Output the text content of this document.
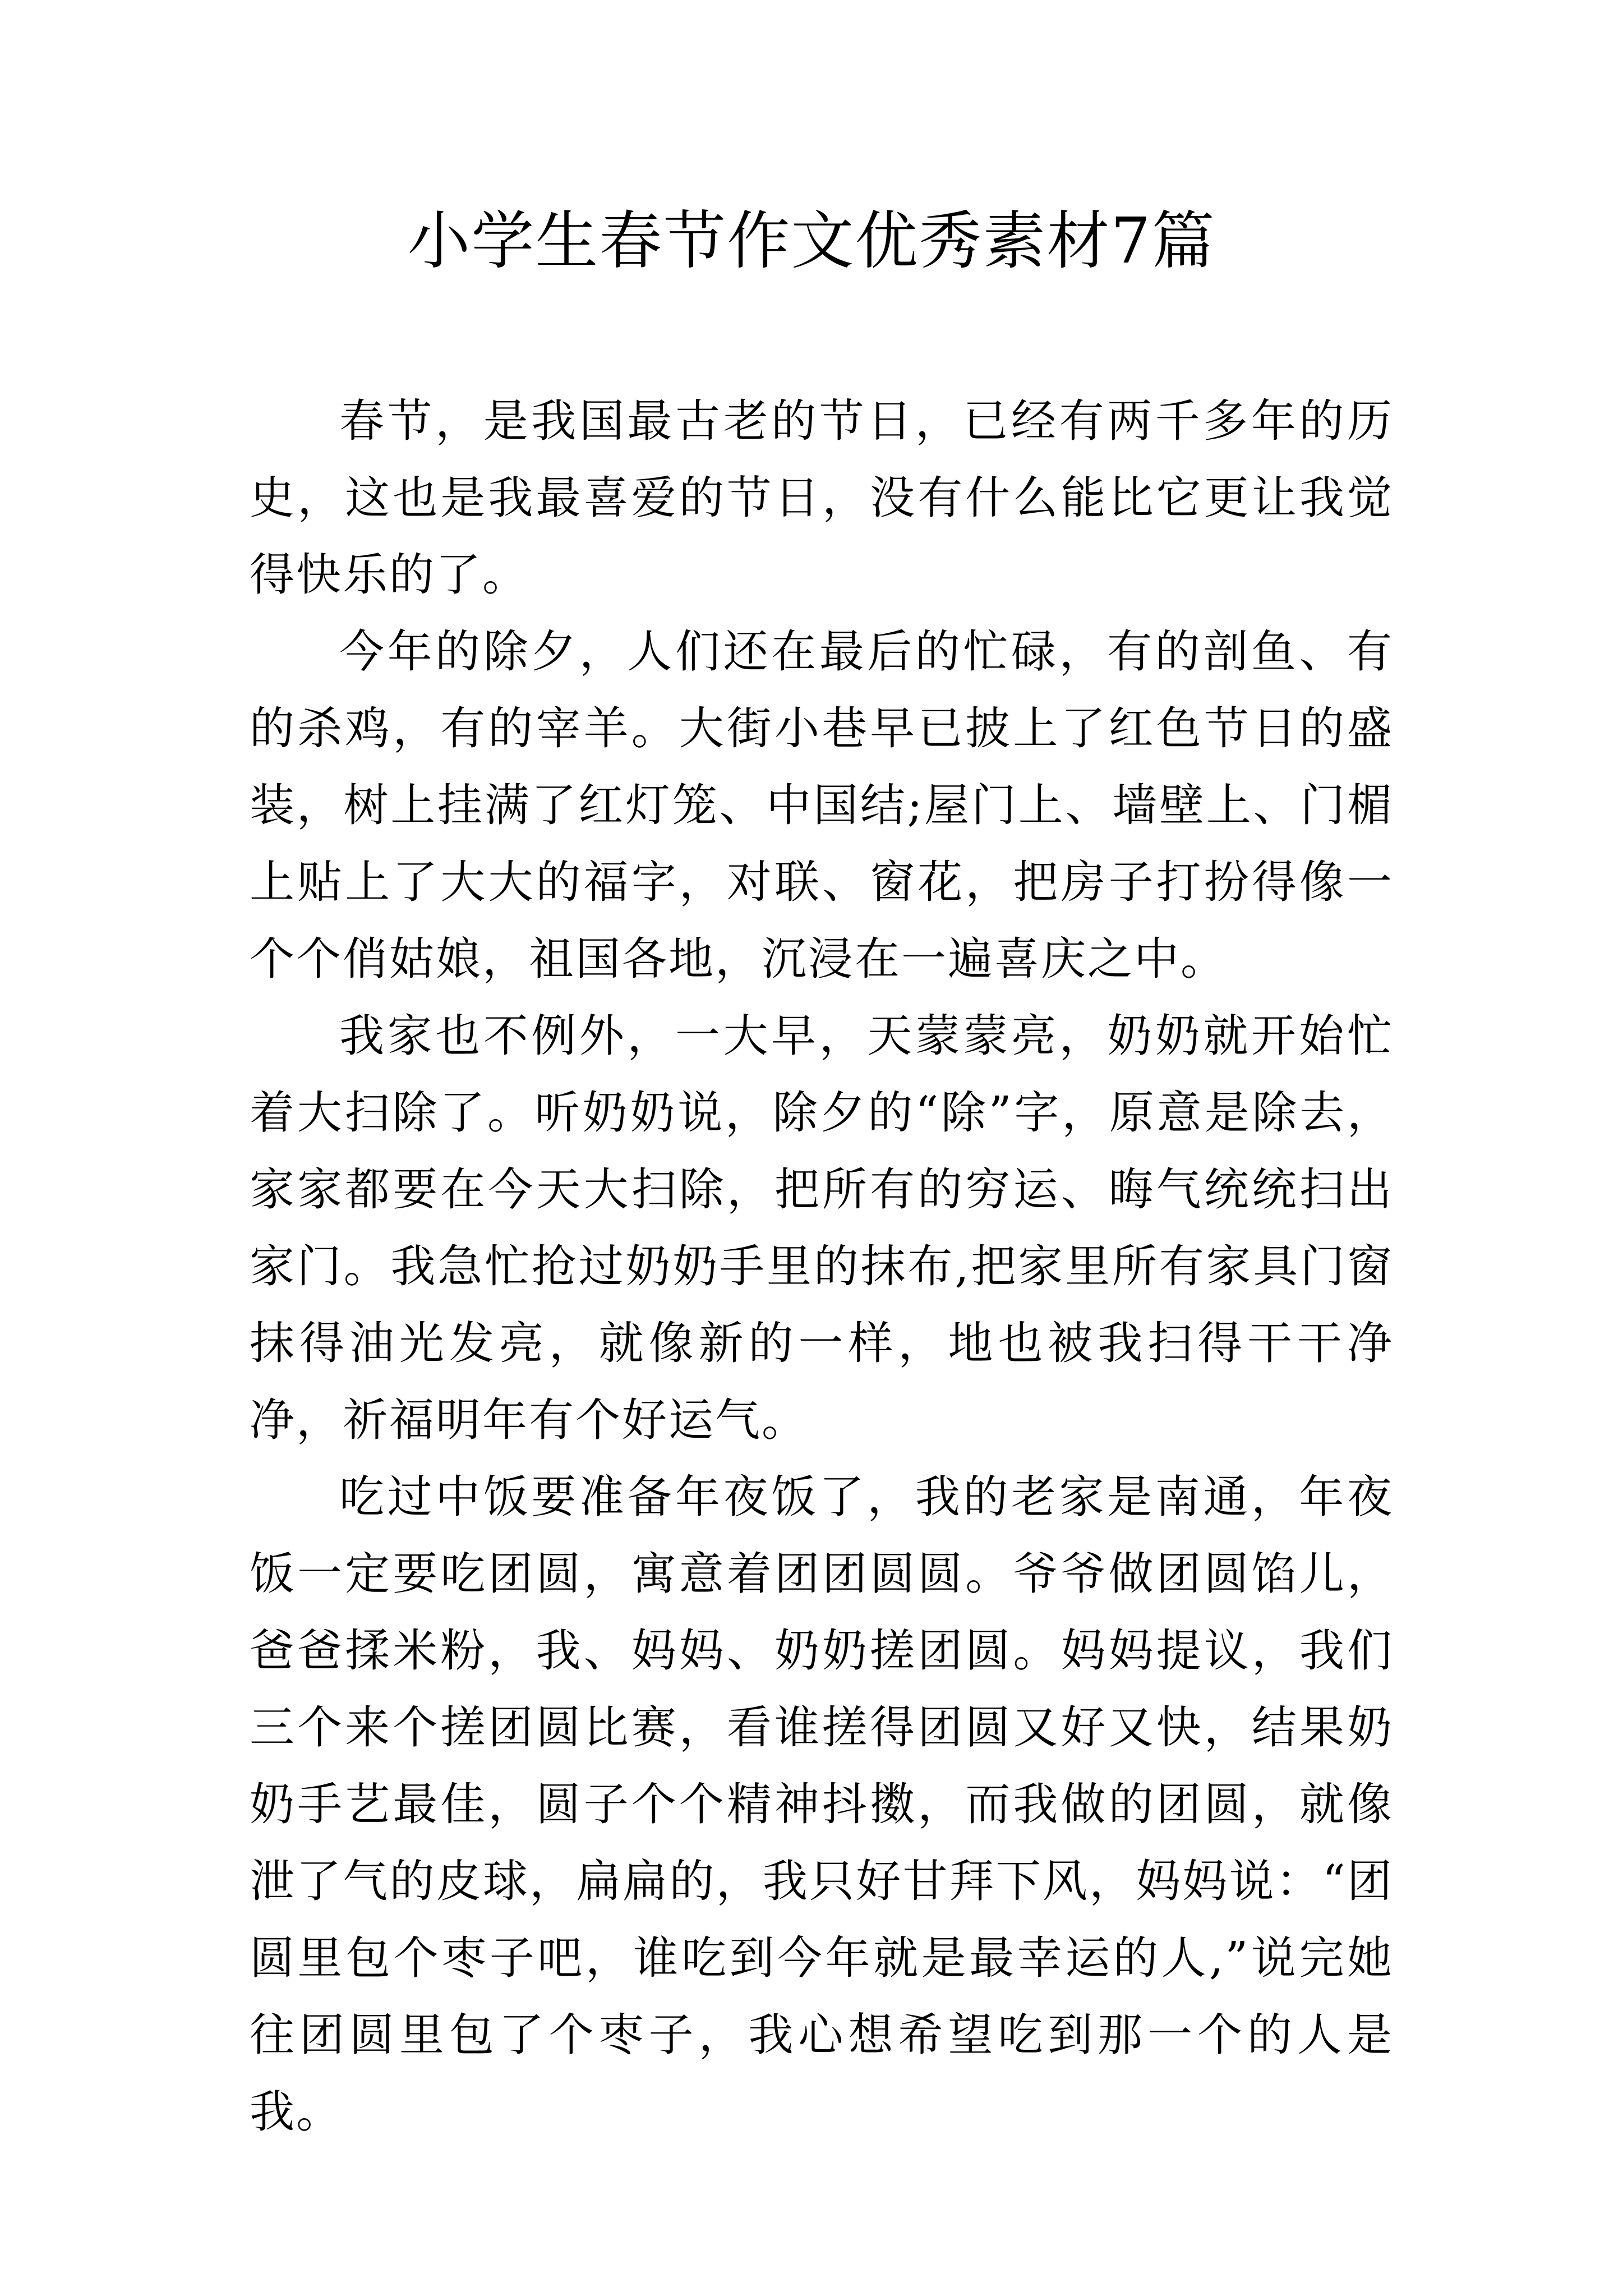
小学生春节作文优秀素材7篇

春节，是我国最古老的节日，已经有两千多年的历史，这也是我最喜爱的节日，没有什么能比它更让我觉得快乐的了。

今年的除夕，人们还在最后的忙碌，有的剖鱼、有的杀鸡，有的宰羊。大街小巷早已披上了红色节日的盛装，树上挂满了红灯笼、中国结;屋门上、墙壁上、门楣上贴上了大大的福字，对联、窗花，把房子打扮得像一个个俏姑娘，祖国各地，沉浸在一遍喜庆之中。

我家也不例外，一大早，天蒙蒙亮，奶奶就开始忙着大扫除了。听奶奶说，除夕的“除”字，原意是除去，家家都要在今天大扫除，把所有的穷运、晦气统统扫出家门。我急忙抢过奶奶手里的抹布,把家里所有家具门窗抹得油光发亮，就像新的一样，地也被我扫得干干净净，祈福明年有个好运气。

吃过中饭要准备年夜饭了，我的老家是南通，年夜饭一定要吃团圆，寓意着团团圆圆。爷爷做团圆馅儿，爸爸揉米粉，我、妈妈、奶奶搓团圆。妈妈提议，我们三个来个搓团圆比赛，看谁搓得团圆又好又快，结果奶奶手艺最佳，圆子个个精神抖擞，而我做的团圆，就像泄了气的皮球，扁扁的，我只好甘拜下风，妈妈说：“团圆里包个枣子吧，谁吃到今年就是最幸运的人,”说完她往团圆里包了个枣子，我心想希望吃到那一个的人是我。
